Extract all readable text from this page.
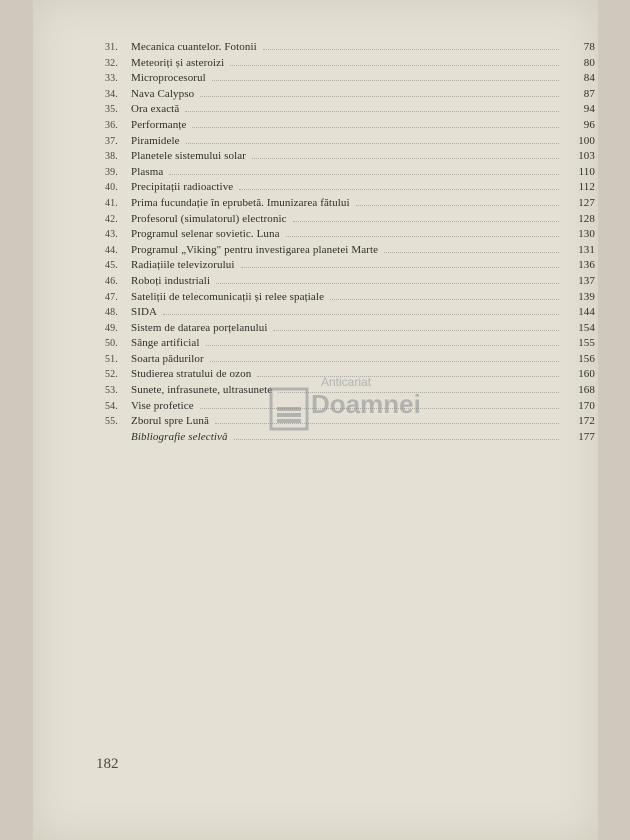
31.	Mecanica cuantelor. Fotonii	78
32.	Meteoriți și asteroizi	80
33.	Microprocesorul	84
34.	Nava Calypso	87
35.	Ora exactă	94
36.	Performanțe	96
37.	Piramidele	100
38.	Planetele sistemului solar	103
39.	Plasma	110
40.	Precipitații radioactive	112
41.	Prima fucundație în eprubetă. Imunizarea fătului	127
42.	Profesorul (simulatorul) electronic	128
43.	Programul selenar sovietic. Luna	130
44.	Programul „Viking" pentru investigarea planetei Marte	131
45.	Radiațiile televizorului	136
46.	Roboți industriali	137
47.	Sateliții de telecomunicații și relee spațiale	139
48.	SIDA	144
49.	Sistem de datarea porțelanului	154
50.	Sânge artificial	155
51.	Soarta pădurilor	156
52.	Studierea stratului de ozon	160
53.	Sunete, infrasunete, ultrasunete	168
54.	Vise profetice	170
55.	Zborul spre Lună	172
Bibliografie selectivă	177
182
Anticariat
Doamnei
